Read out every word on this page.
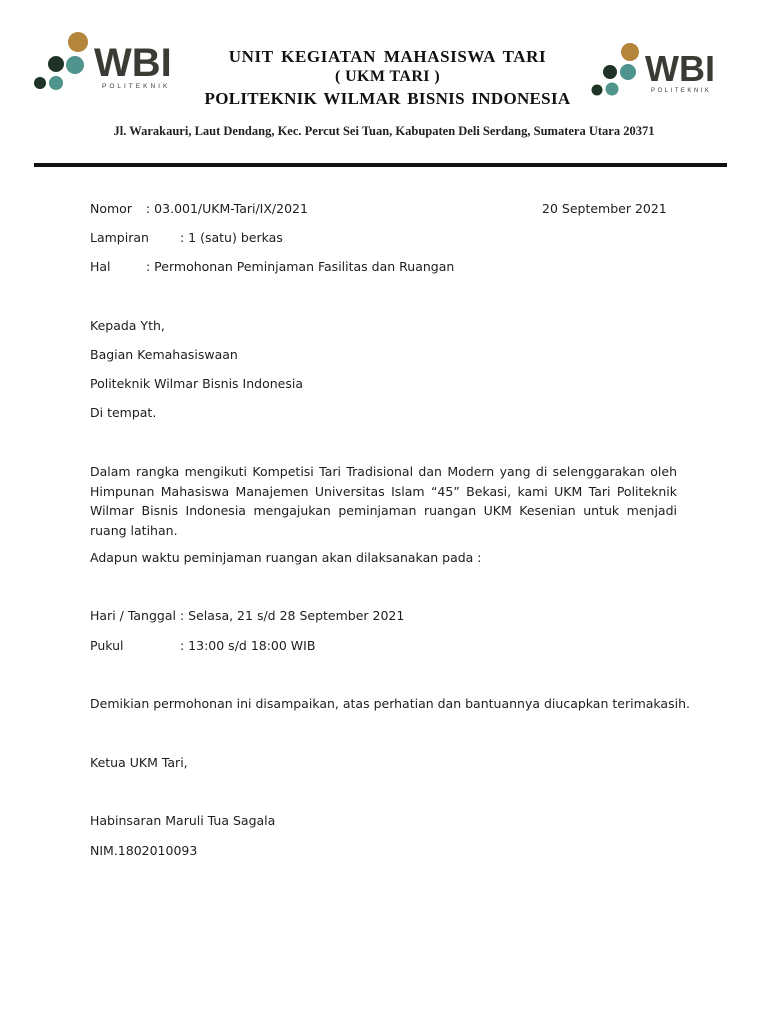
WBI
POLITEKNIK
UNIT KEGIATAN MAHASISWA TARI
( UKM TARI )
POLITEKNIK WILMAR BISNIS INDONESIA
WBI
POLITEKNIK
Jl. Warakauri, Laut Dendang, Kec. Percut Sei Tuan, Kabupaten Deli Serdang, Sumatera Utara 20371
Nomor : 03.001/UKM-Tari/IX/2021	20 September 2021
Lampiran : 1 (satu) berkas
Hal	: Permohonan Peminjaman Fasilitas dan Ruangan
Kepada Yth,
Bagian Kemahasiswaan
Politeknik Wilmar Bisnis Indonesia
Di tempat.
Dalam rangka mengikuti Kompetisi Tari Tradisional dan Modern yang di selenggarakan oleh Himpunan Mahasiswa Manajemen Universitas Islam “45” Bekasi, kami UKM Tari Politeknik Wilmar Bisnis Indonesia mengajukan peminjaman ruangan UKM Kesenian untuk menjadi ruang latihan.
Adapun waktu peminjaman ruangan akan dilaksanakan pada :
Hari / Tanggal : Selasa, 21 s/d 28 September 2021
Pukul	: 13:00 s/d 18:00 WIB
Demikian permohonan ini disampaikan, atas perhatian dan bantuannya diucapkan terimakasih.
Ketua UKM Tari,
Habinsaran Maruli Tua Sagala
NIM.1802010093
